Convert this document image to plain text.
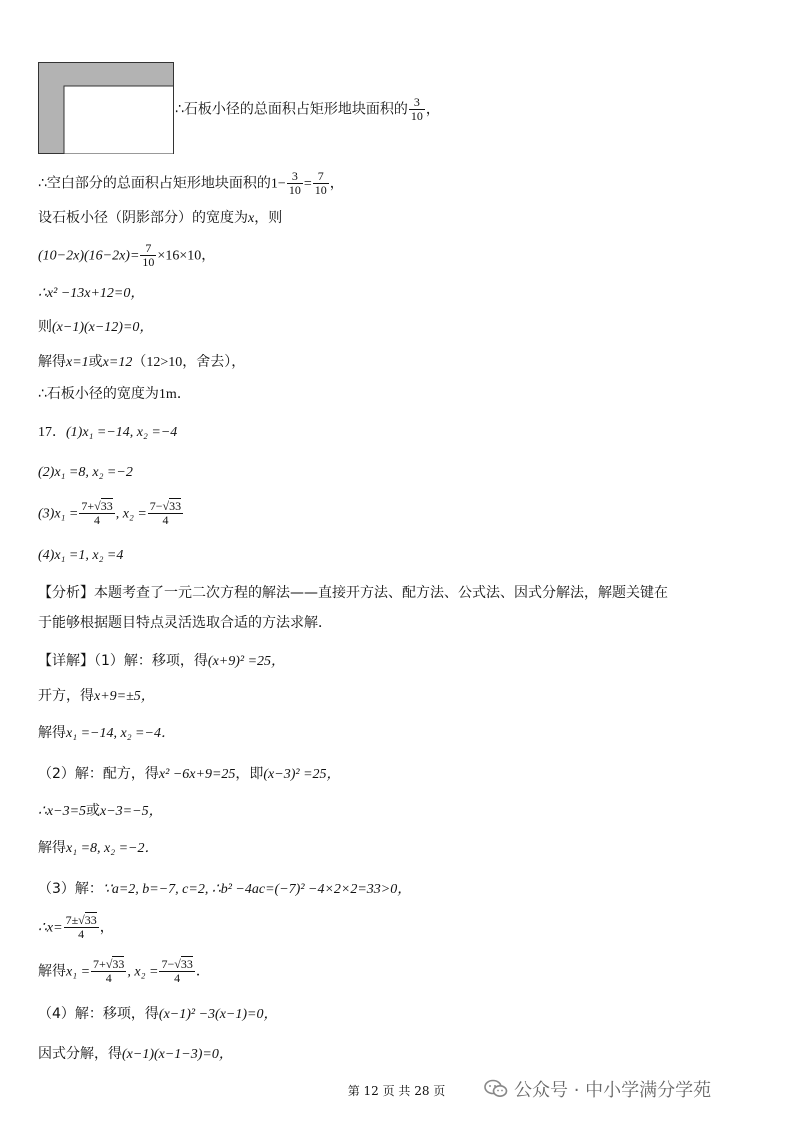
∴石板小径的总面积占矩形地块面积的 $\frac{3}{10}$ ，
∴空白部分的总面积占矩形地块面积的$1- \frac{3}{10} = \frac{7}{10}$ ，
设石板小径（阴影部分）的宽度为x，则
$(10-2x)(16-2x)= \frac{7}{10} \times 16\times 10$，
∴x² −13x+12=0，
则(x−1)(x−12)=0，
解得x=1或x=12（12>10，舍去），
∴石板小径的宽度为1m．
17．(1)x₁ =−14, x₂ =−4
(2)x₁ =8, x₂ =−2
$(3)x_1 = \frac{7+√33}{4}$ , $x_2 = \frac{7-√33}{4}$
(4)x₁ =1, x₂ =4
【分析】本题考查了一元二次方程的解法——直接开方法、配方法、公式法、因式分解法，解题关键在
于能够根据题目特点灵活选取合适的方法求解．
【详解】（1）解：移项，得(x+9)² =25，
开方，得x+9=±5，
解得x₁ =−14, x₂ =−4．
（2）解：配方，得x² −6x+9=25，即(x−3)² =25，
∴x−3=5或x−3=−5，
解得x₁ =8, x₂ =−2．
（3）解：∵a=2, b=−7, c=2, ∴b² −4ac=(−7)² −4×2×2=33>0，
∴x= $\frac{7\pm√33}{4}$ ，
解得$x_1 = \frac{7+√33}{4}$ , $x_2 = \frac{7-√33}{4}$ ．
（4）解：移项，得(x−1)² −3(x−1)=0，
因式分解，得(x−1)(x−1−3)=0，
第 12 页 共 28 页	公众号 · 中小学满分学苑
